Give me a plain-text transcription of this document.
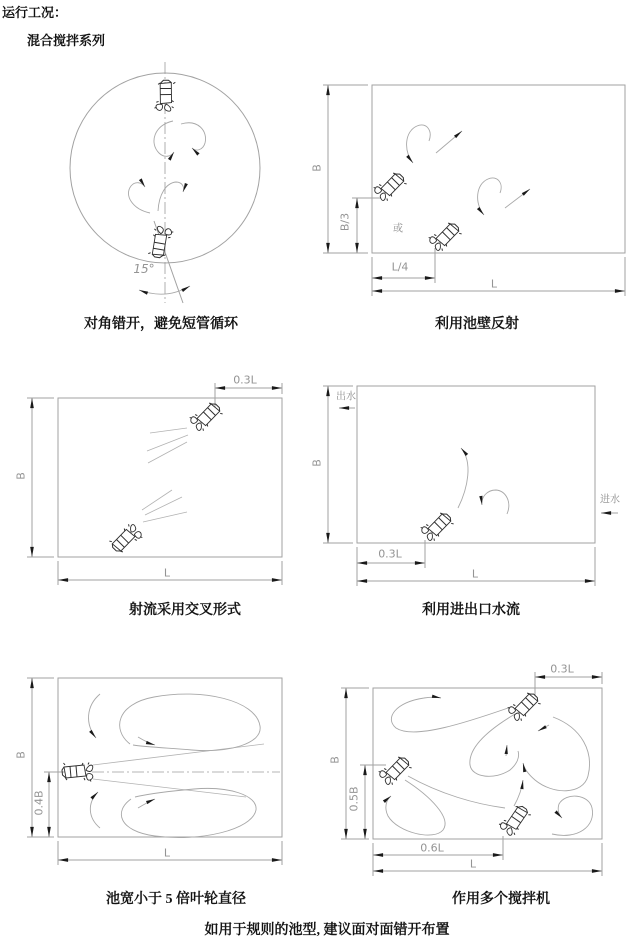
运行工况：
混合搅拌系列
15°
对角错开，避免短管循环
B
B/3	或
L/4
L
利用池壁反射
0.3L
B
L
射流采用交叉形式
出水
进水
B
0.3L
L
利用进出口水流
B
0.4B
L
池宽小于 5 倍叶轮直径
0.3L
B
0.5B
0.6L
L
作用多个搅拌机
如用于规则的池型, 建议面对面错开布置
